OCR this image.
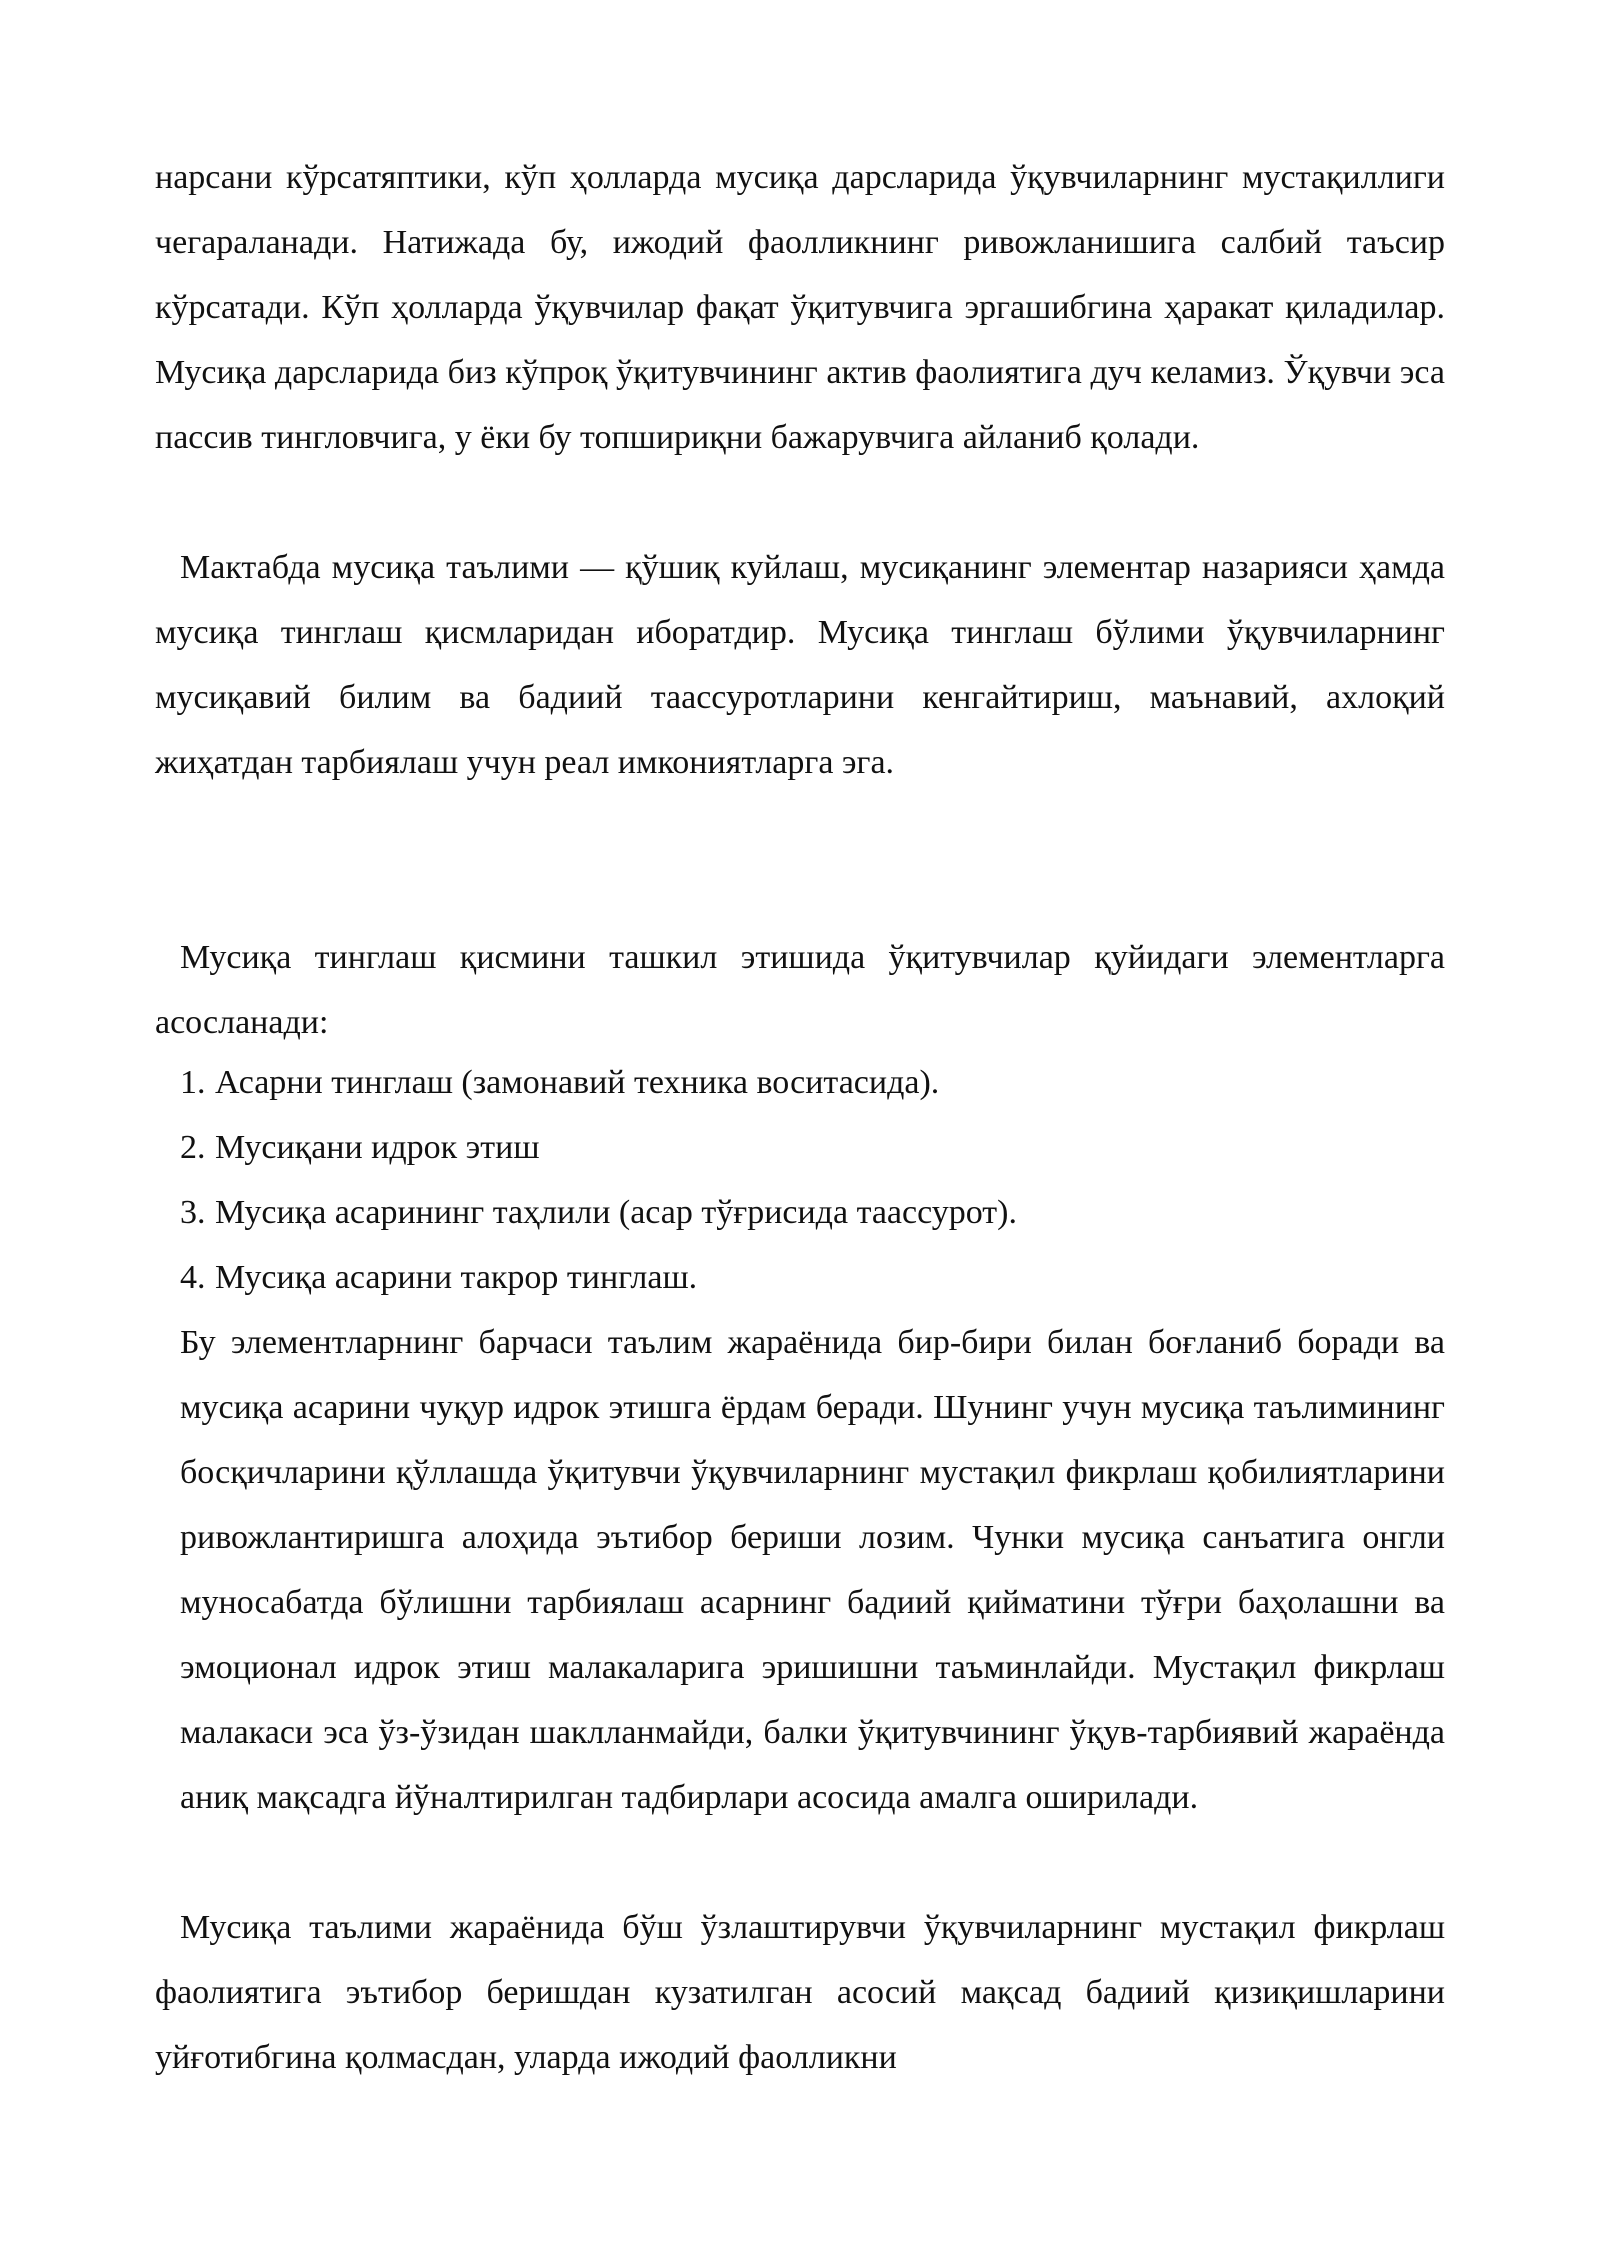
нарсани кўрсатяптики, кўп ҳолларда мусиқа дарсларида ўқувчиларнинг мустақиллиги чегараланади. Натижада бу, ижодий фаолликнинг ривожланишига салбий таъсир кўрсатади. Кўп ҳолларда ўқувчилар фақат ўқитувчига эргашибгина ҳаракат қиладилар. Мусиқа дарсларида биз кўпроқ ўқитувчининг актив фаолиятига дуч келамиз. Ўқувчи эса пассив тингловчига, у ёки бу топшириқни бажарувчига айланиб қолади.

Мактабда мусиқа таълими — қўшиқ куйлаш, мусиқанинг элементар назарияси ҳамда мусиқа тинглаш қисмларидан иборатдир. Мусиқа тинглаш бўлими ўқувчиларнинг мусиқавий билим ва бадиий таассуротларини кенгайтириш, маънавий, ахлоқий жиҳатдан тарбиялаш учун реал имкониятларга эга.

Мусиқа тинглаш қисмини ташкил этишида ўқитувчилар қуйидаги элементларга асосланади:

1. Асарни тинглаш (замонавий техника воситасида).
2. Мусиқани идрок этиш
3. Мусиқа асарининг таҳлили (асар тўғрисида таассурот).
4. Мусиқа асарини такрор тинглаш.

Бу элементларнинг барчаси таълим жараёнида бир-бири билан боғланиб боради ва мусиқа асарини чуқур идрок этишга ёрдам беради. Шунинг учун мусиқа таълимининг босқичларини қўллашда ўқитувчи ўқувчиларнинг мустақил фикрлаш қобилиятларини ривожлантиришга алоҳида эътибор бериши лозим. Чунки мусиқа санъатига онгли муносабатда бўлишни тарбиялаш асарнинг бадиий қийматини тўғри баҳолашни ва эмоционал идрок этиш малакаларига эришишни таъминлайди. Мустақил фикрлаш малакаси эса ўз-ўзидан шаклланмайди, балки ўқитувчининг ўқув-тарбиявий жараёнда аниқ мақсадга йўналтирилган тадбирлари асосида амалга оширилади.

Мусиқа таълими жараёнида бўш ўзлаштирувчи ўқувчиларнинг мустақил фикрлаш фаолиятига эътибор беришдан кузатилган асосий мақсад бадиий қизиқишларини уйғотибгина қолмасдан, уларда ижодий фаолликни
